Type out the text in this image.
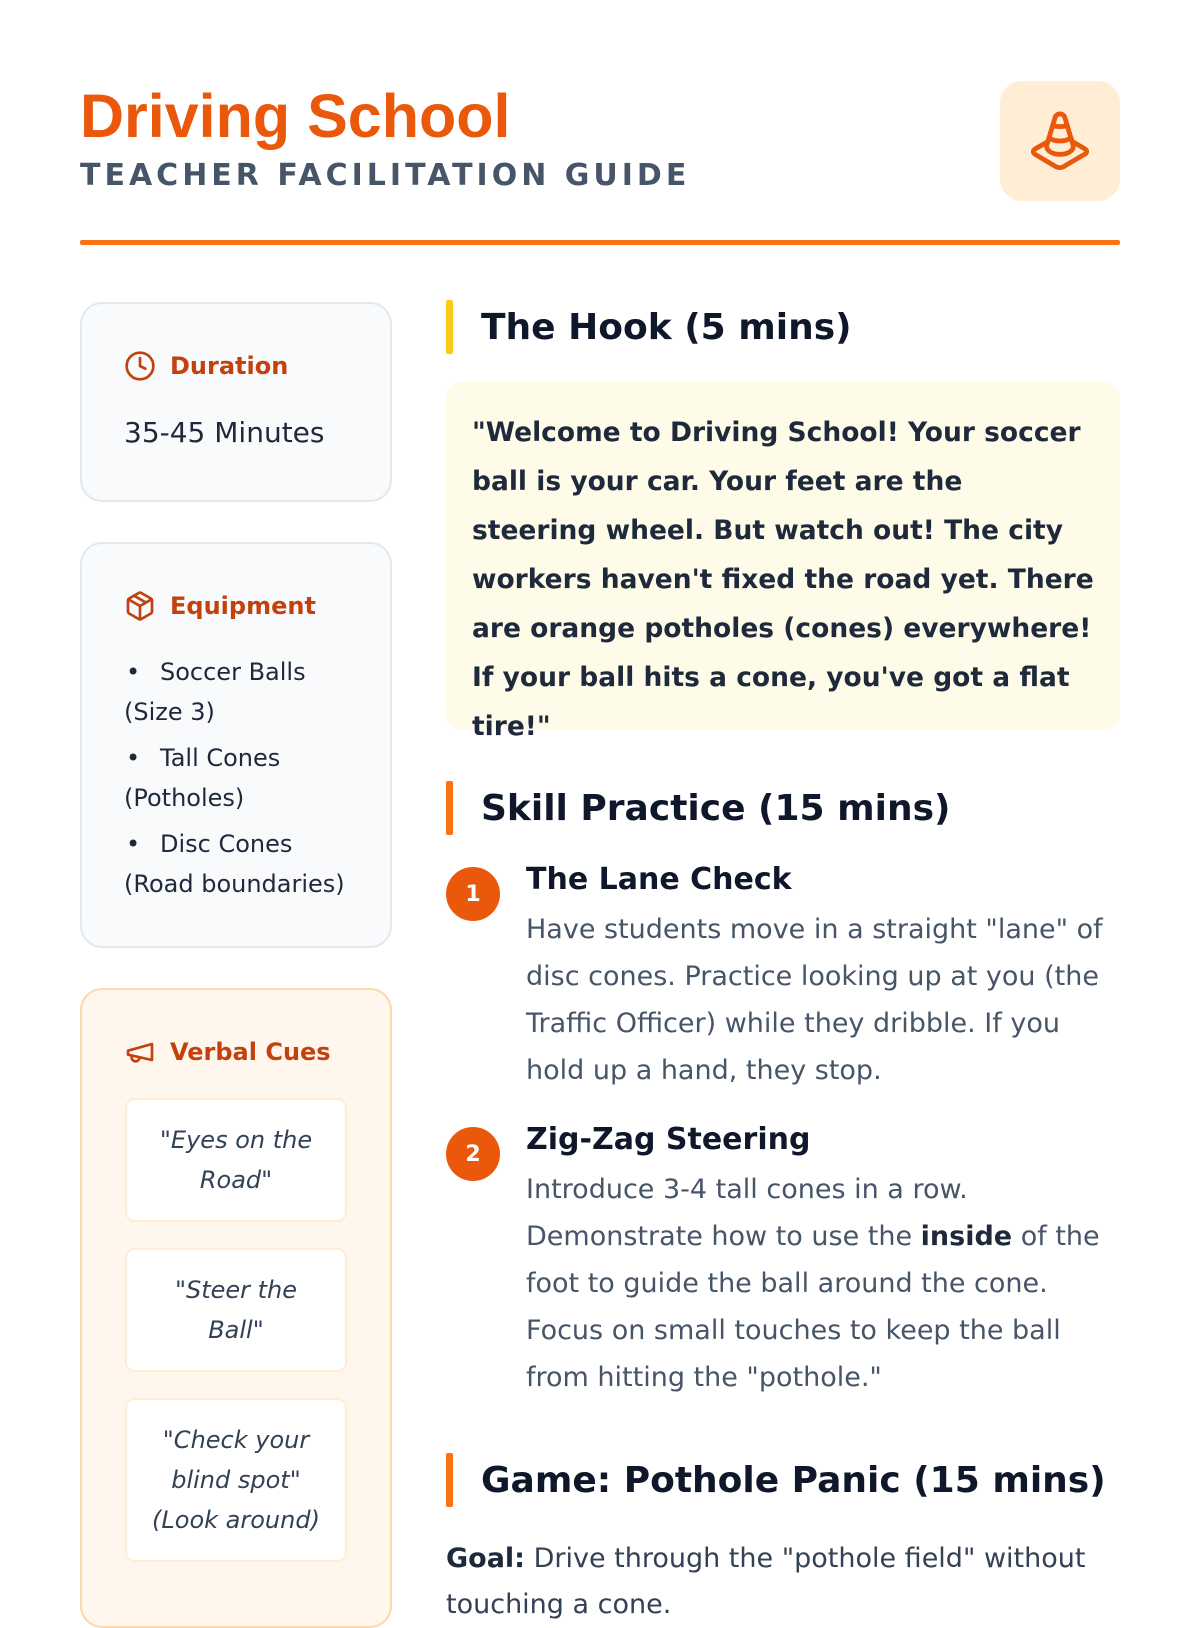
Driving School
TEACHER FACILITATION GUIDE
Duration
35-45 Minutes
Equipment
• Soccer Balls (Size 3)
• Tall Cones (Potholes)
• Disc Cones (Road boundaries)
Verbal Cues
"Eyes on the Road"
"Steer the Ball"
"Check your blind spot" (Look around)
The Hook (5 mins)

"Welcome to Driving School! Your soccer ball is your car. Your feet are the steering wheel. But watch out! The city workers haven't fixed the road yet. There are orange potholes (cones) everywhere! If your ball hits a cone, you've got a flat tire!"

Skill Practice (15 mins)
1	The Lane Check
Have students move in a straight "lane" of disc cones. Practice looking up at you (the Traffic Officer) while they dribble. If you hold up a hand, they stop.
2	Zig-Zag Steering
Introduce 3-4 tall cones in a row. Demonstrate how to use the inside of the foot to guide the ball around the cone. Focus on small touches to keep the ball from hitting the "pothole."
Game: Pothole Panic (15 mins)
Goal: Drive through the "pothole field" without touching a cone.
